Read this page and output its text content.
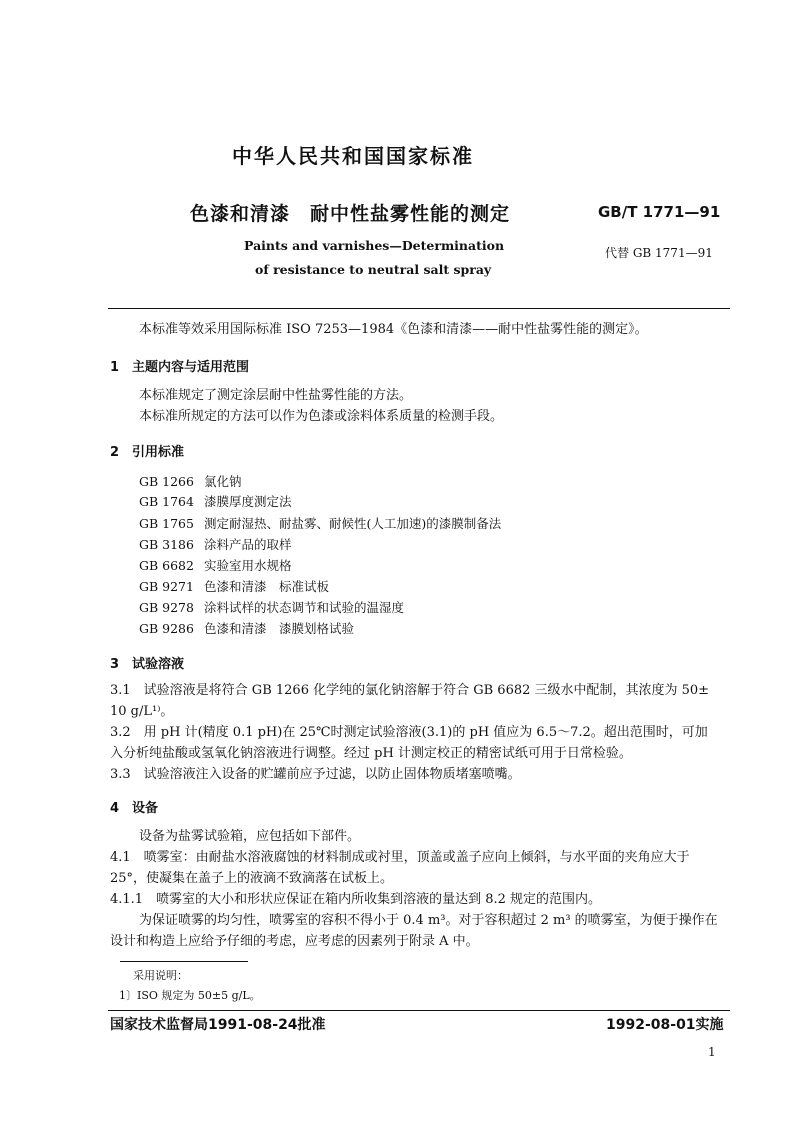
中华人民共和国国家标准
色漆和清漆　耐中性盐雾性能的测定	GB/T 1771—91
Paints and varnishes—Determination
of resistance to neutral salt spray
代替 GB 1771—91
本标准等效采用国际标准 ISO 7253—1984《色漆和清漆——耐中性盐雾性能的测定》。
1　主题内容与适用范围
本标准规定了测定涂层耐中性盐雾性能的方法。
本标准所规定的方法可以作为色漆或涂料体系质量的检测手段。
2　引用标准
GB 1266 氯化钠
GB 1764 漆膜厚度测定法
GB 1765 测定耐湿热、耐盐雾、耐候性(人工加速)的漆膜制备法
GB 3186 涂料产品的取样
GB 6682 实验室用水规格
GB 9271 色漆和清漆　标准试板
GB 9278 涂料试样的状态调节和试验的温湿度
GB 9286 色漆和清漆　漆膜划格试验
3　试验溶液
3.1　试验溶液是将符合 GB 1266 化学纯的氯化钠溶解于符合 GB 6682 三级水中配制，其浓度为 50±
10 g/L¹⁾。
3.2　用 pH 计(精度 0.1 pH)在 25℃时测定试验溶液(3.1)的 pH 值应为 6.5～7.2。超出范围时，可加
入分析纯盐酸或氢氧化钠溶液进行调整。经过 pH 计测定校正的精密试纸可用于日常检验。
3.3　试验溶液注入设备的贮罐前应予过滤，以防止固体物质堵塞喷嘴。
4　设备
设备为盐雾试验箱，应包括如下部件。
4.1　喷雾室：由耐盐水溶液腐蚀的材料制成或衬里，顶盖或盖子应向上倾斜，与水平面的夹角应大于
25°，使凝集在盖子上的液滴不致滴落在试板上。
4.1.1　喷雾室的大小和形状应保证在箱内所收集到溶液的量达到 8.2 规定的范围内。
为保证喷雾的均匀性，喷雾室的容积不得小于 0.4 m³。对于容积超过 2 m³ 的喷雾室，为便于操作在
设计和构造上应给予仔细的考虑，应考虑的因素列于附录 A 中。
采用说明：
1〕ISO 规定为 50±5 g/L。
国家技术监督局1991-08-24批准	1992-08-01实施
1
